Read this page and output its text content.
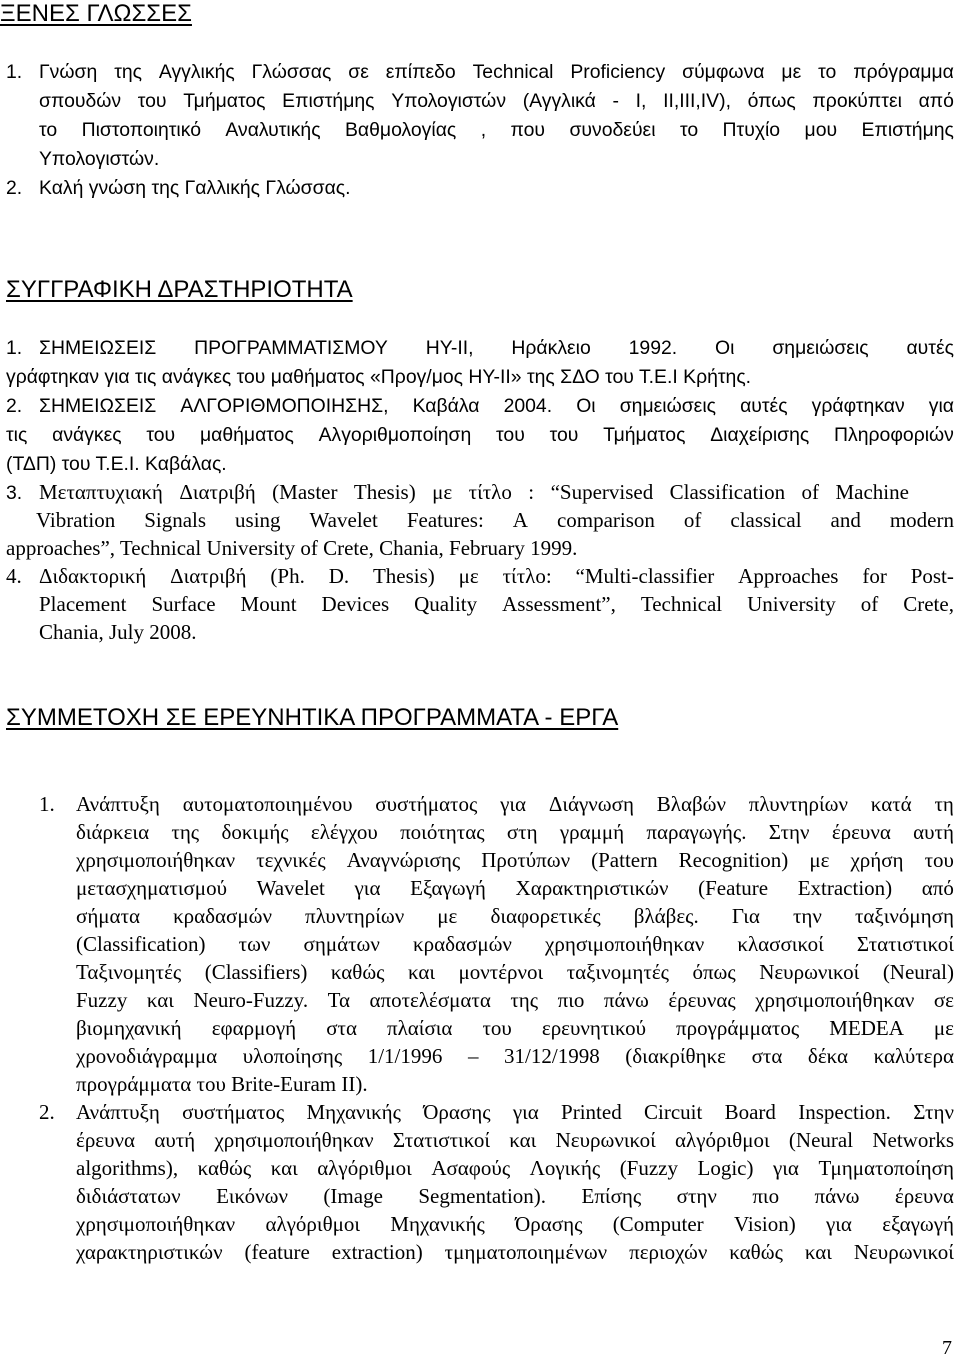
ΞΕΝΕΣ ΓΛΩΣΣΕΣ
1. Γνώση της Αγγλικής Γλώσσας σε επίπεδο Technical Proficiency σύμφωνα με το πρόγραμμα
σπουδών του Τμήματος Επιστήμης Υπολογιστών (Αγγλικά - I, II,III,IV), όπως προκύπτει από
το Πιστοποιητικό Αναλυτικής Βαθμολογίας , που συνοδεύει το Πτυχίο μου Επιστήμης
Υπολογιστών.
2. Καλή γνώση της Γαλλικής Γλώσσας.
ΣΥΓΓΡΑΦΙΚΗ ΔΡΑΣΤΗΡΙΟΤΗΤΑ
1. ΣΗΜΕΙΩΣΕΙΣ ΠΡΟΓΡΑΜΜΑΤΙΣΜΟΥ ΗΥ-ΙΙ, Ηράκλειο 1992. Οι σημειώσεις αυτές
γράφτηκαν για τις ανάγκες του μαθήματος «Προγ/μος ΗΥ-ΙΙ» της ΣΔΟ του Τ.Ε.Ι Κρήτης.
2. ΣΗΜΕΙΩΣΕΙΣ ΑΛΓΟΡΙΘΜΟΠΟΙΗΣΗΣ, Καβάλα 2004. Οι σημειώσεις αυτές γράφτηκαν για
τις ανάγκες του μαθήματος Αλγοριθμοποίηση του του Τμήματος Διαχείρισης Πληροφοριών
(ΤΔΠ) του Τ.Ε.Ι. Καβάλας.
3. Μεταπτυχιακή Διατριβή (Master Thesis) με τίτλο : “Supervised Classification of Machine
Vibration Signals using Wavelet Features: A comparison of classical and modern
approaches”, Technical University of Crete, Chania, February 1999.
4. Διδακτορική Διατριβή (Ph. D. Thesis) με τίτλο: “Multi-classifier Approaches for Post-
Placement Surface Mount Devices Quality Assessment”, Technical University of Crete,
Chania, July 2008.
ΣΥΜΜΕΤΟΧΗ ΣΕ ΕΡΕΥΝΗΤΙΚΑ ΠΡΟΓΡΑΜΜΑΤΑ - ΕΡΓΑ
1. Ανάπτυξη αυτοματοποιημένου συστήματος για Διάγνωση Βλαβών πλυντηρίων κατά τη
διάρκεια της δοκιμής ελέγχου ποιότητας στη γραμμή παραγωγής. Στην έρευνα αυτή
χρησιμοποιήθηκαν τεχνικές Αναγνώρισης Προτύπων (Pattern Recognition) με χρήση του
μετασχηματισμού Wavelet για Εξαγωγή Χαρακτηριστικών (Feature Extraction) από
σήματα κραδασμών πλυντηρίων με διαφορετικές βλάβες. Για την ταξινόμηση
(Classification) των σημάτων κραδασμών χρησιμοποιήθηκαν κλασσικοί Στατιστικοί
Ταξινομητές (Classifiers) καθώς και μοντέρνοι ταξινομητές όπως Νευρωνικοί (Neural)
Fuzzy και Neuro-Fuzzy. Τα αποτελέσματα της πιο πάνω έρευνας χρησιμοποιήθηκαν σε
βιομηχανική εφαρμογή στα πλαίσια του ερευνητικού προγράμματος MEDEA με
χρονοδιάγραμμα υλοποίησης 1/1/1996 – 31/12/1998 (διακρίθηκε στα δέκα καλύτερα
προγράμματα του Brite-Euram II).
2. Ανάπτυξη συστήματος Μηχανικής Όρασης για Printed Circuit Board Inspection. Στην
έρευνα αυτή χρησιμοποιήθηκαν Στατιστικοί και Νευρωνικοί αλγόριθμοι (Neural Networks
algorithms), καθώς και αλγόριθμοι Ασαφούς Λογικής (Fuzzy Logic) για Τμηματοποίηση
διδιάστατων Εικόνων (Image Segmentation). Επίσης στην πιο πάνω έρευνα
χρησιμοποιήθηκαν αλγόριθμοι Μηχανικής Όρασης (Computer Vision) για εξαγωγή
χαρακτηριστικών (feature extraction) τμηματοποιημένων περιοχών καθώς και Νευρωνικοί
7
